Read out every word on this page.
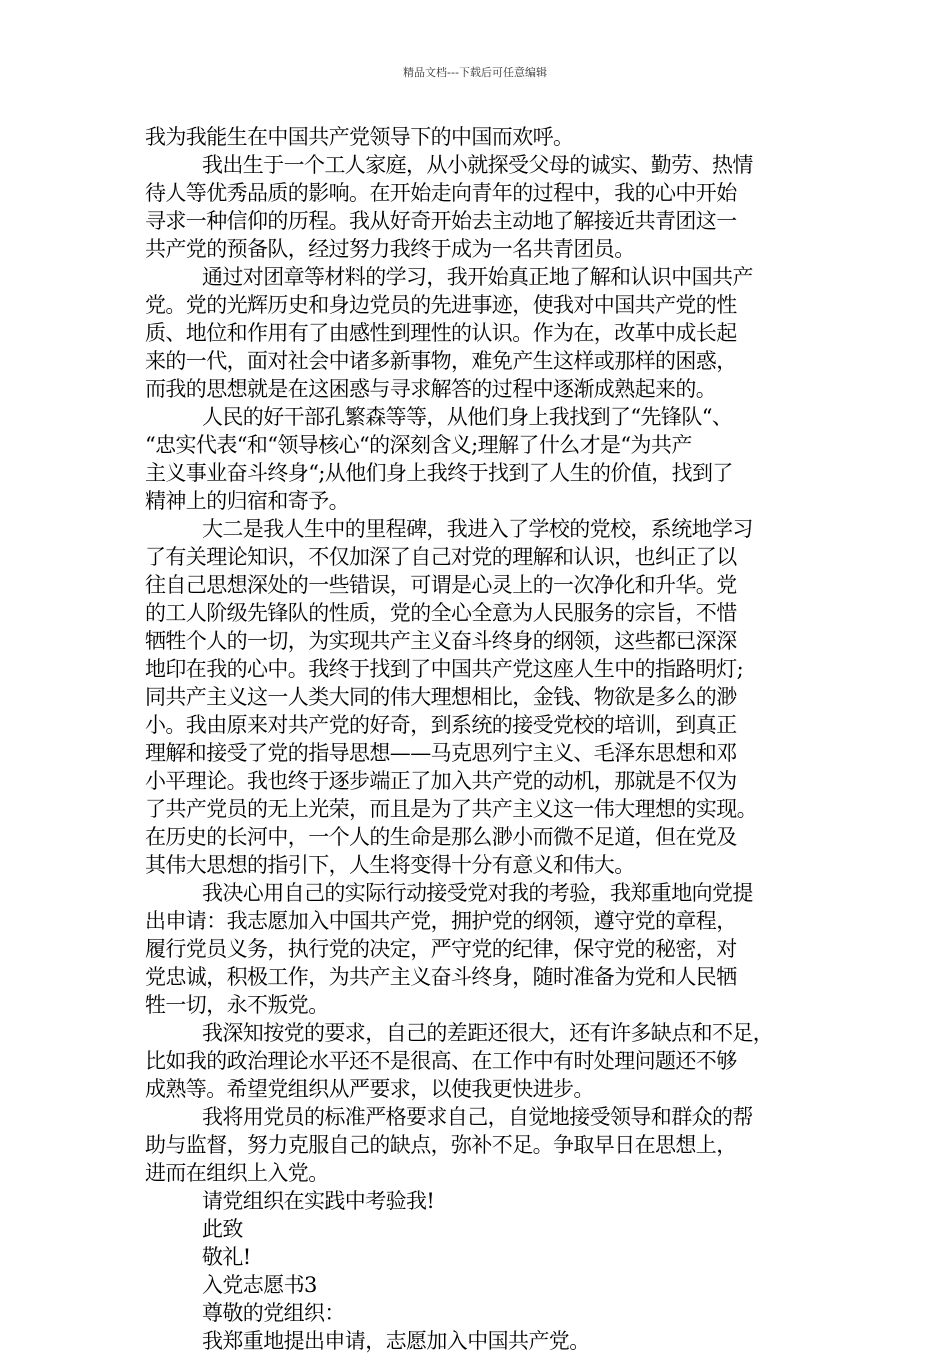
精品文档---下载后可任意编辑

我为我能生在中国共产党领导下的中国而欢呼。

我出生于一个工人家庭，从小就探受父母的诚实、勤劳、热情

待人等优秀品质的影响。在开始走向青年的过程中，我的心中开始

寻求一种信仰的历程。我从好奇开始去主动地了解接近共青团这一

共产党的预备队，经过努力我终于成为一名共青团员。

通过对团章等材料的学习，我开始真正地了解和认识中国共产

党。党的光辉历史和身边党员的先进事迹，使我对中国共产党的性

质、地位和作用有了由感性到理性的认识。作为在，改革中成长起

来的一代，面对社会中诸多新事物，难免产生这样或那样的困惑，

而我的思想就是在这困惑与寻求解答的过程中逐渐成熟起来的。

人民的好干部孔繁森等等，从他们身上我找到了“先锋队“、

“忠实代表“和“领导核心“的深刻含义;理解了什么才是“为共产

主义事业奋斗终身“;从他们身上我终于找到了人生的价值，找到了

精神上的归宿和寄予。

大二是我人生中的里程碑，我进入了学校的党校，系统地学习

了有关理论知识，不仅加深了自己对党的理解和认识，也纠正了以

往自己思想深处的一些错误，可谓是心灵上的一次净化和升华。党

的工人阶级先锋队的性质，党的全心全意为人民服务的宗旨，不惜

牺牲个人的一切，为实现共产主义奋斗终身的纲领，这些都已深深

地印在我的心中。我终于找到了中国共产党这座人生中的指路明灯;

同共产主义这一人类大同的伟大理想相比，金钱、物欲是多么的渺

小。我由原来对共产党的好奇，到系统的接受党校的培训，到真正

理解和接受了党的指导思想——马克思列宁主义、毛泽东思想和邓

小平理论。我也终于逐步端正了加入共产党的动机，那就是不仅为

了共产党员的无上光荣，而且是为了共产主义这一伟大理想的实现。

在历史的长河中，一个人的生命是那么渺小而微不足道，但在党及

其伟大思想的指引下，人生将变得十分有意义和伟大。

我决心用自己的实际行动接受党对我的考验，我郑重地向党提

出申请：我志愿加入中国共产党，拥护党的纲领，遵守党的章程，

履行党员义务，执行党的决定，严守党的纪律，保守党的秘密，对

党忠诚，积极工作，为共产主义奋斗终身，随时准备为党和人民牺

牲一切，永不叛党。

我深知按党的要求，自己的差距还很大，还有许多缺点和不足，

比如我的政治理论水平还不是很高、在工作中有时处理问题还不够

成熟等。希望党组织从严要求，以使我更快进步。

我将用党员的标准严格要求自己，自觉地接受领导和群众的帮

助与监督，努力克服自己的缺点，弥补不足。争取早日在思想上，

进而在组织上入党。

请党组织在实践中考验我!

此致

敬礼!

入党志愿书3

尊敬的党组织：

我郑重地提出申请，志愿加入中国共产党。
